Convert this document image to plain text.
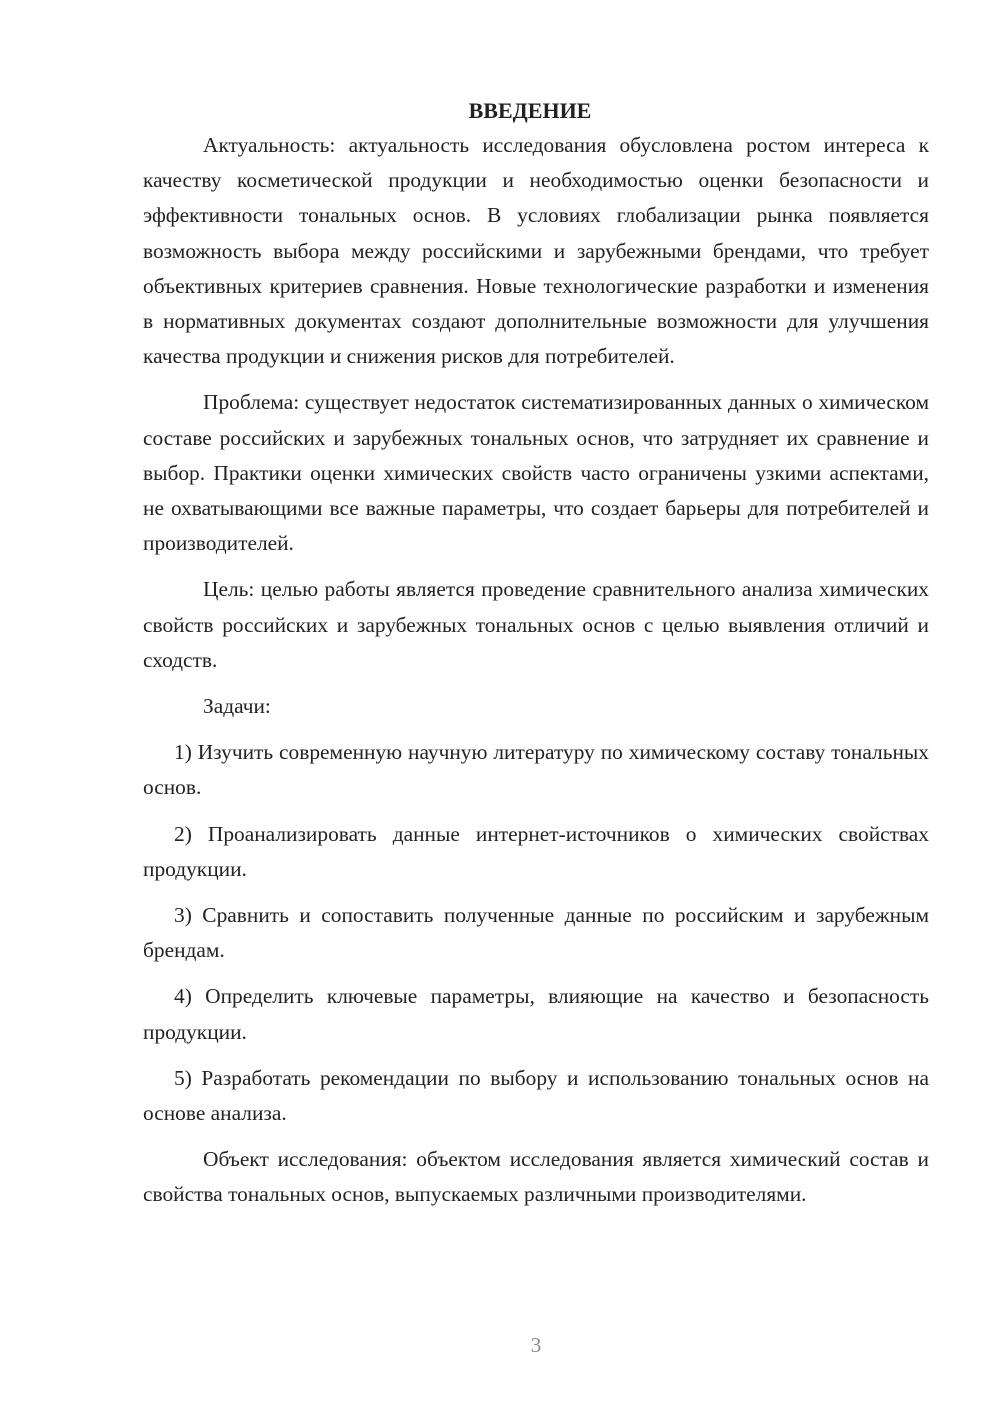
ВВЕДЕНИЕ

Актуальность: актуальность исследования обусловлена ростом интереса к качеству косметической продукции и необходимостью оценки безопасности и эффективности тональных основ. В условиях глобализации рынка появляется возможность выбора между российскими и зарубежными брендами, что требует объективных критериев сравнения. Новые технологические разработки и изменения в нормативных документах создают дополнительные возможности для улучшения качества продукции и снижения рисков для потребителей.

Проблема: существует недостаток систематизированных данных о химическом составе российских и зарубежных тональных основ, что затрудняет их сравнение и выбор. Практики оценки химических свойств часто ограничены узкими аспектами, не охватывающими все важные параметры, что создает барьеры для потребителей и производителей.

Цель: целью работы является проведение сравнительного анализа химических свойств российских и зарубежных тональных основ с целью выявления отличий и сходств.

Задачи:

1) Изучить современную научную литературу по химическому составу тональных основ.

2) Проанализировать данные интернет-источников о химических свойствах продукции.

3) Сравнить и сопоставить полученные данные по российским и зарубежным брендам.

4) Определить ключевые параметры, влияющие на качество и безопасность продукции.

5) Разработать рекомендации по выбору и использованию тональных основ на основе анализа.

Объект исследования: объектом исследования является химический состав и свойства тональных основ, выпускаемых различными производителями.

3
